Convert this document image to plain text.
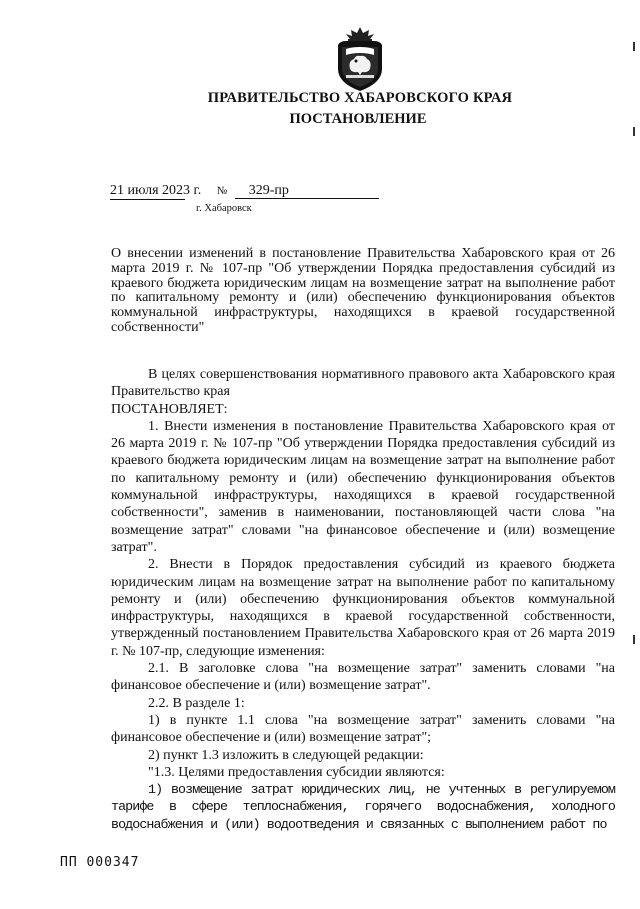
ПРАВИТЕЛЬСТВО ХАБАРОВСКОГО КРАЯ
ПОСТАНОВЛЕНИЕ
21 июля 2023 г. № 329-пр
г. Хабаровск
О внесении изменений в постановление Правительства Хабаровского края от 26 марта 2019 г. № 107-пр "Об утверждении Порядка предоставления субсидий из краевого бюджета юридическим лицам на возмещение затрат на выполнение работ по капитальному ремонту и (или) обеспечению функционирования объектов коммунальной инфраструктуры, находящихся в краевой государственной собственности"

В целях совершенствования нормативного правового акта Хабаровского края Правительство края

ПОСТАНОВЛЯЕТ:

1. Внести изменения в постановление Правительства Хабаровского края от 26 марта 2019 г. № 107-пр "Об утверждении Порядка предоставления субсидий из краевого бюджета юридическим лицам на возмещение затрат на выполнение работ по капитальному ремонту и (или) обеспечению функционирования объектов коммунальной инфраструктуры, находящихся в краевой государственной собственности", заменив в наименовании, постановляющей части слова "на возмещение затрат" словами "на финансовое обеспечение и (или) возмещение затрат".

2. Внести в Порядок предоставления субсидий из краевого бюджета юридическим лицам на возмещение затрат на выполнение работ по капитальному ремонту и (или) обеспечению функционирования объектов коммунальной инфраструктуры, находящихся в краевой государственной собственности, утвержденный постановлением Правительства Хабаровского края от 26 марта 2019 г. № 107-пр, следующие изменения:

2.1. В заголовке слова "на возмещение затрат" заменить словами "на финансовое обеспечение и (или) возмещение затрат".

2.2. В разделе 1:

1) в пункте 1.1 слова "на возмещение затрат" заменить словами "на финансовое обеспечение и (или) возмещение затрат";

2) пункт 1.3 изложить в следующей редакции:

"1.3. Целями предоставления субсидии являются:

1) возмещение затрат юридических лиц, не учтенных в регулируемом тарифе в сфере теплоснабжения, горячего водоснабжения, холодного водоснабжения и (или) водоотведения и связанных с выполнением работ по

ПП 000347
